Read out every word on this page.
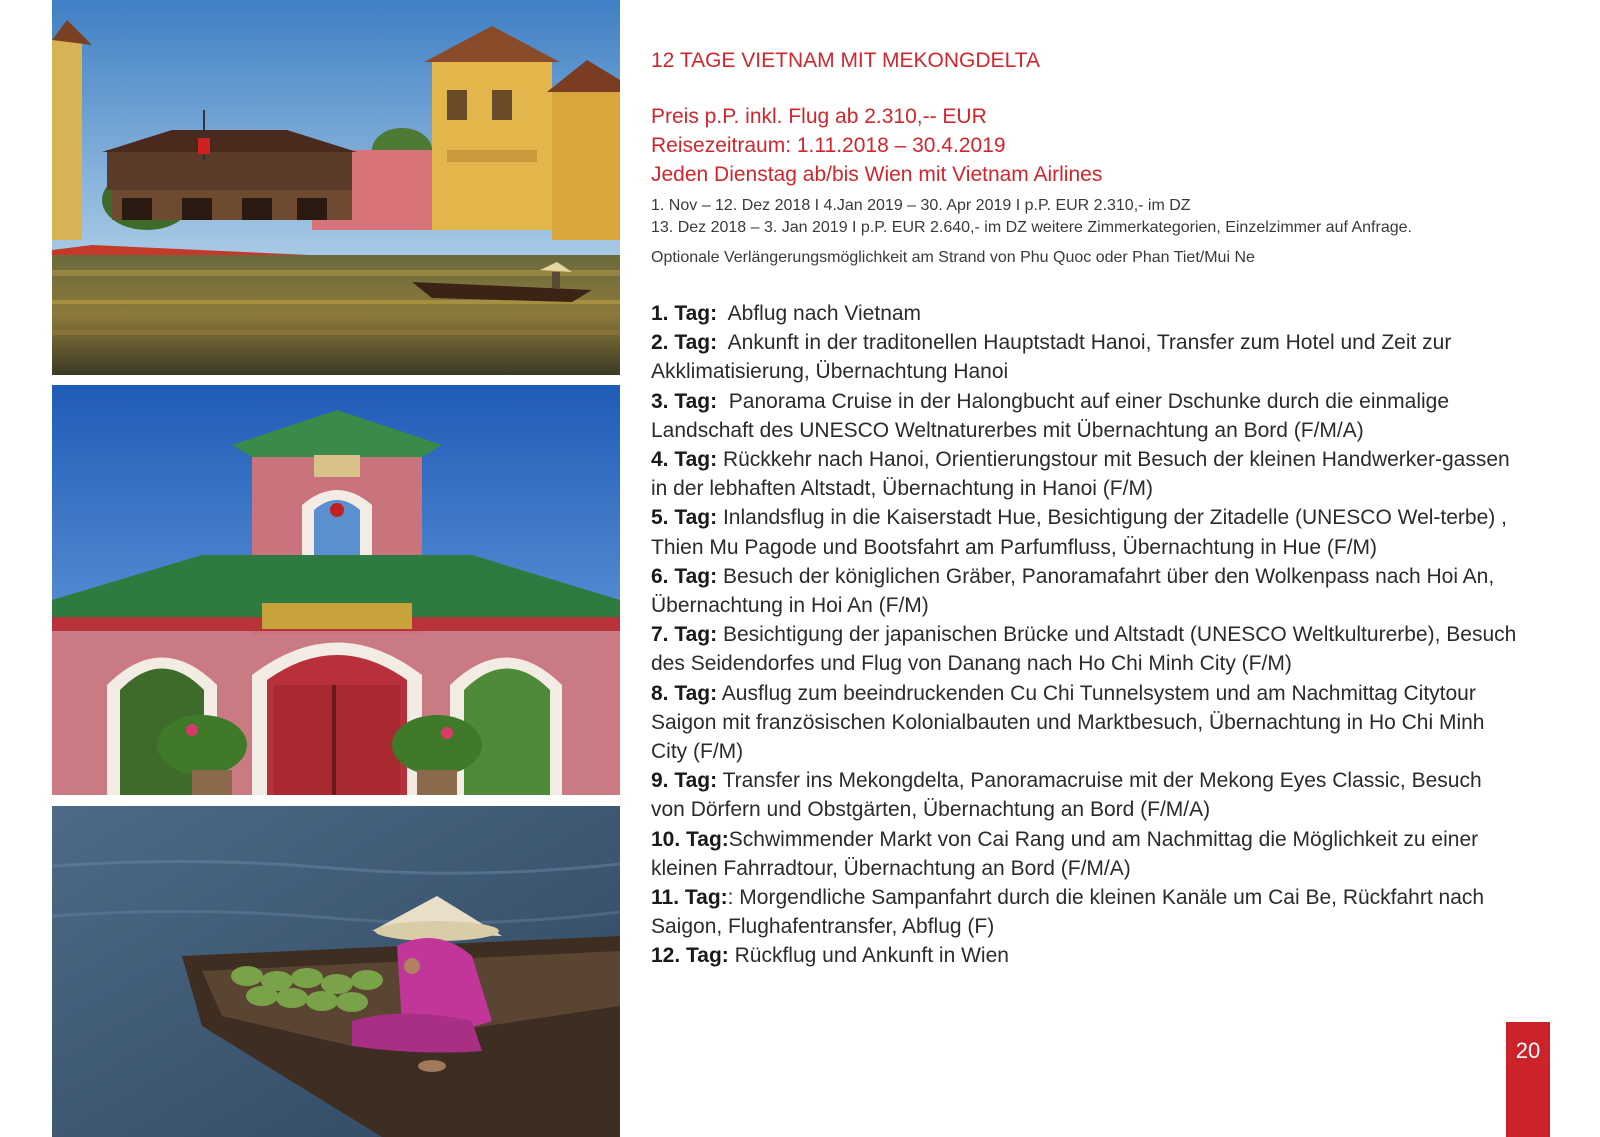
12 TAGE VIETNAM MIT MEKONGDELTA
Preis p.P. inkl. Flug ab 2.310,-- EUR
Reisezeitraum: 1.11.2018 – 30.4.2019
Jeden Dienstag ab/bis Wien mit Vietnam Airlines
1. Nov – 12. Dez 2018 I 4.Jan 2019 – 30. Apr 2019 I p.P. EUR 2.310,- im DZ
13. Dez 2018 – 3. Jan 2019 I p.P. EUR 2.640,- im DZ weitere Zimmerkategorien, Einzelzimmer auf Anfrage.
Optionale Verlängerungsmöglichkeit am Strand von Phu Quoc oder Phan Tiet/Mui Ne
1. Tag:  Abflug nach Vietnam
2. Tag:  Ankunft in der traditonellen Hauptstadt Hanoi, Transfer zum Hotel und Zeit zur Akklimatisierung, Übernachtung Hanoi
3. Tag:  Panorama Cruise in der Halongbucht auf einer Dschunke durch die einmalige Landschaft des UNESCO Weltnaturerbes mit Übernachtung an Bord (F/M/A)
4. Tag: Rückkehr nach Hanoi, Orientierungstour mit Besuch der kleinen Handwerker-gassen in der lebhaften Altstadt, Übernachtung in Hanoi (F/M)
5. Tag: Inlandsflug in die Kaiserstadt Hue, Besichtigung der Zitadelle (UNESCO Wel-terbe) , Thien Mu Pagode und Bootsfahrt am Parfumfluss, Übernachtung in Hue (F/M)
6. Tag: Besuch der königlichen Gräber, Panoramafahrt über den Wolkenpass nach Hoi An, Übernachtung in Hoi An (F/M)
7. Tag: Besichtigung der japanischen Brücke und Altstadt (UNESCO Weltkulturerbe), Besuch des Seidendorfes und Flug von Danang nach Ho Chi Minh City (F/M)
8. Tag: Ausflug zum beeindruckenden Cu Chi Tunnelsystem und am Nachmittag Citytour Saigon mit französischen Kolonialbauten und Marktbesuch, Übernachtung in Ho Chi Minh City (F/M)
9. Tag: Transfer ins Mekongdelta, Panoramacruise mit der Mekong Eyes Classic, Besuch von Dörfern und Obstgärten, Übernachtung an Bord (F/M/A)
10. Tag:Schwimmender Markt von Cai Rang und am Nachmittag die Möglichkeit zu einer kleinen Fahrradtour, Übernachtung an Bord (F/M/A)
11. Tag:: Morgendliche Sampanfahrt durch die kleinen Kanäle um Cai Be, Rückfahrt nach Saigon, Flughafentransfer, Abflug (F)
12. Tag: Rückflug und Ankunft in Wien
20
